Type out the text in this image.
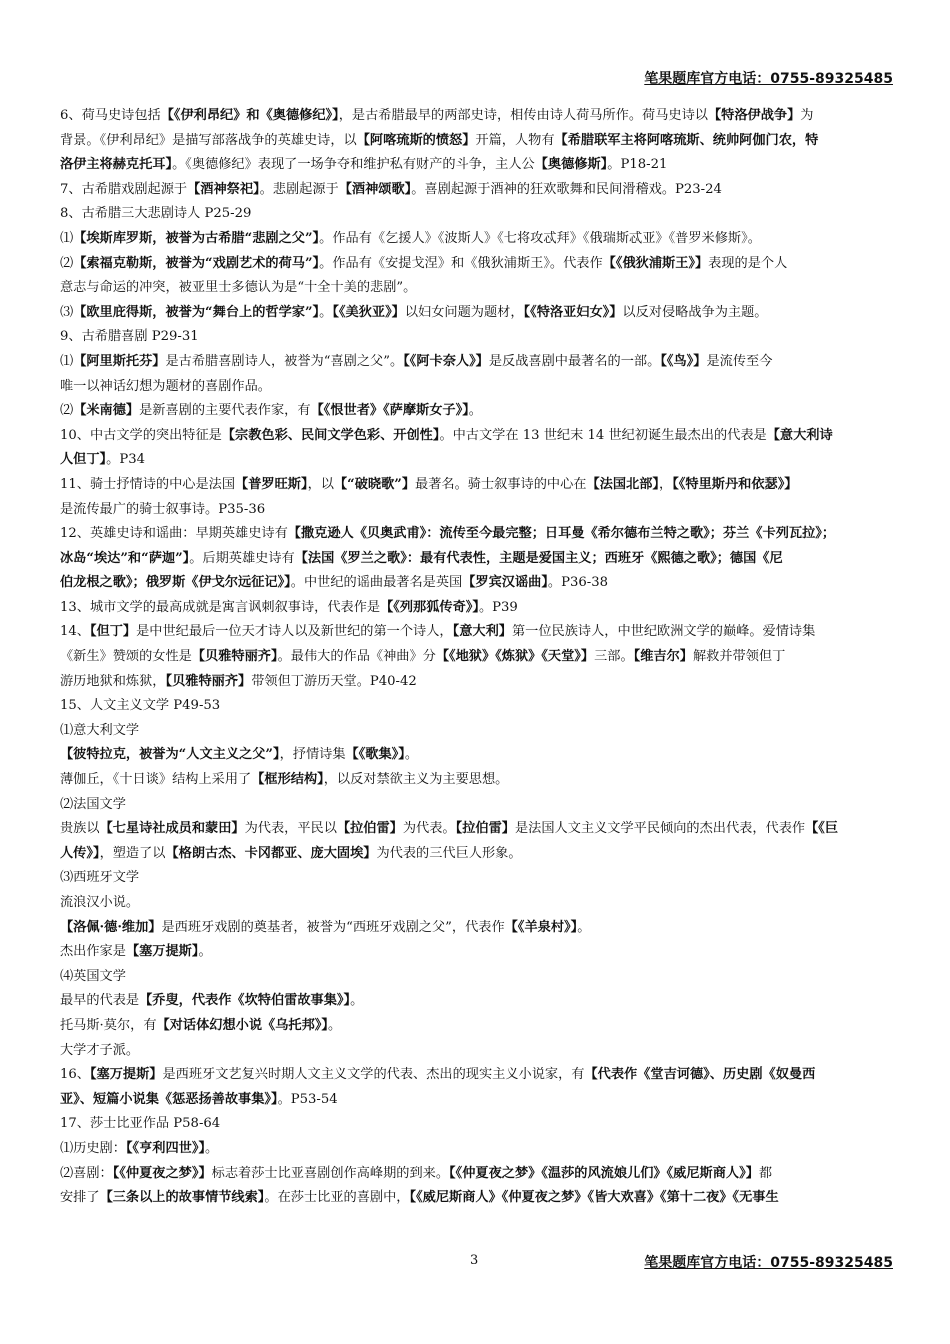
笔果题库官方电话：0755-89325485
6、荷马史诗包括【《伊利昂纪》和《奥德修纪》】，是古希腊最早的两部史诗，相传由诗人荷马所作。荷马史诗以【特洛伊战争】为
背景。《伊利昂纪》是描写部落战争的英雄史诗，以【阿喀琉斯的愤怒】开篇，人物有【希腊联军主将阿喀琉斯、统帅阿伽门农，特
洛伊主将赫克托耳】。《奥德修纪》表现了一场争夺和维护私有财产的斗争，主人公【奥德修斯】。P18-21
7、古希腊戏剧起源于【酒神祭祀】。悲剧起源于【酒神颂歌】。喜剧起源于酒神的狂欢歌舞和民间滑稽戏。P23-24
8、古希腊三大悲剧诗人 P25-29
⑴【埃斯库罗斯，被誉为古希腊“悲剧之父”】。作品有《乞援人》《波斯人》《七将攻忒拜》《俄瑞斯忒亚》《普罗米修斯》。
⑵【索福克勒斯，被誉为“戏剧艺术的荷马”】。作品有《安提戈涅》和《俄狄浦斯王》。代表作【《俄狄浦斯王》】表现的是个人
意志与命运的冲突，被亚里士多德认为是“十全十美的悲剧”。
⑶【欧里庇得斯，被誉为“舞台上的哲学家”】。【《美狄亚》】以妇女问题为题材，【《特洛亚妇女》】以反对侵略战争为主题。
9、古希腊喜剧 P29-31
⑴【阿里斯托芬】是古希腊喜剧诗人，被誉为“喜剧之父”。【《阿卡奈人》】是反战喜剧中最著名的一部。【《鸟》】是流传至今
唯一以神话幻想为题材的喜剧作品。
⑵【米南德】是新喜剧的主要代表作家，有【《恨世者》《萨摩斯女子》】。
10、中古文学的突出特征是【宗教色彩、民间文学色彩、开创性】。中古文学在 13 世纪末 14 世纪初诞生最杰出的代表是【意大利诗
人但丁】。P34
11、骑士抒情诗的中心是法国【普罗旺斯】，以【“破晓歌”】最著名。骑士叙事诗的中心在【法国北部】，【《特里斯丹和依瑟》】
是流传最广的骑士叙事诗。P35-36
12、英雄史诗和谣曲：早期英雄史诗有【撒克逊人《贝奥武甫》：流传至今最完整；日耳曼《希尔德布兰特之歌》；芬兰《卡列瓦拉》；
冰岛“埃达”和“萨迦”】。后期英雄史诗有【法国《罗兰之歌》：最有代表性，主题是爱国主义；西班牙《熙德之歌》；德国《尼
伯龙根之歌》；俄罗斯《伊戈尔远征记》】。中世纪的谣曲最著名是英国【罗宾汉谣曲】。P36-38
13、城市文学的最高成就是寓言讽刺叙事诗，代表作是【《列那狐传奇》】。P39
14、【但丁】是中世纪最后一位天才诗人以及新世纪的第一个诗人，【意大利】第一位民族诗人，中世纪欧洲文学的巅峰。爱情诗集
《新生》赞颂的女性是【贝雅特丽齐】。最伟大的作品《神曲》分【《地狱》《炼狱》《天堂》】三部。【维吉尔】解救并带领但丁
游历地狱和炼狱，【贝雅特丽齐】带领但丁游历天堂。P40-42
15、人文主义文学 P49-53
⑴意大利文学
【彼特拉克，被誉为“人文主义之父”】，抒情诗集【《歌集》】。
薄伽丘，《十日谈》结构上采用了【框形结构】，以反对禁欲主义为主要思想。
⑵法国文学
贵族以【七星诗社成员和蒙田】为代表，平民以【拉伯雷】为代表。【拉伯雷】是法国人文主义文学平民倾向的杰出代表，代表作【《巨
人传》】，塑造了以【格朗古杰、卡冈都亚、庞大固埃】为代表的三代巨人形象。
⑶西班牙文学
流浪汉小说。
【洛佩·德·维加】是西班牙戏剧的奠基者，被誉为“西班牙戏剧之父”，代表作【《羊泉村》】。
杰出作家是【塞万提斯】。
⑷英国文学
最早的代表是【乔叟，代表作《坎特伯雷故事集》】。
托马斯·莫尔，有【对话体幻想小说《乌托邦》】。
大学才子派。
16、【塞万提斯】是西班牙文艺复兴时期人文主义文学的代表、杰出的现实主义小说家，有【代表作《堂吉诃德》、历史剧《奴曼西
亚》、短篇小说集《惩恶扬善故事集》】。P53-54
17、莎士比亚作品 P58-64
⑴历史剧：【《亨利四世》】。
⑵喜剧：【《仲夏夜之梦》】标志着莎士比亚喜剧创作高峰期的到来。【《仲夏夜之梦》《温莎的风流娘儿们》《威尼斯商人》】都
安排了【三条以上的故事情节线索】。在莎士比亚的喜剧中，【《威尼斯商人》《仲夏夜之梦》《皆大欢喜》《第十二夜》《无事生
3	笔果题库官方电话：0755-89325485
